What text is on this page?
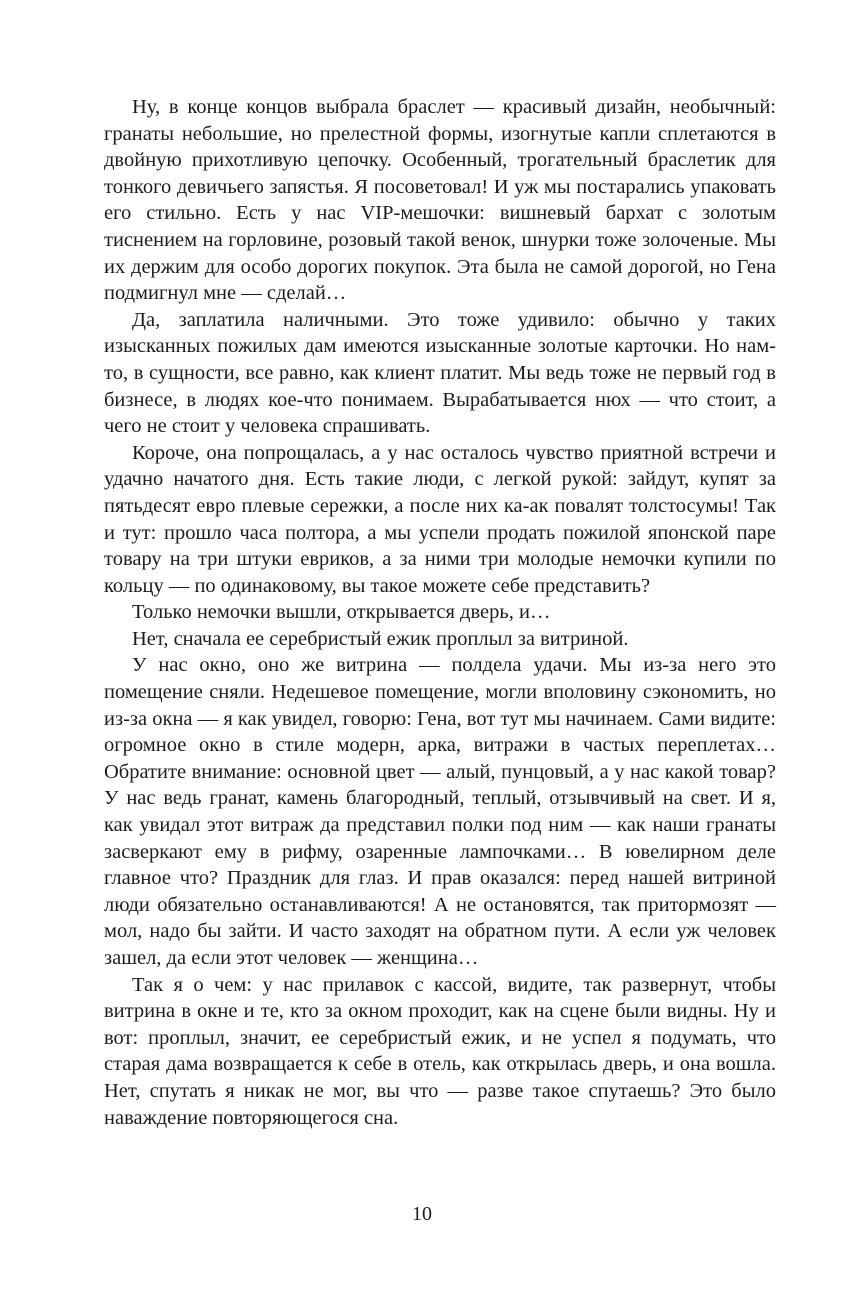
Ну, в конце концов выбрала браслет — красивый дизайн, необычный: гранаты небольшие, но прелестной формы, изогнутые капли сплетаются в двойную прихотливую цепочку. Особенный, трогательный браслетик для тонкого девичьего запястья. Я посоветовал! И уж мы постарались упаковать его стильно. Есть у нас VIP-мешочки: вишневый бархат с золотым тиснением на горловине, розовый такой венок, шнурки тоже золоченые. Мы их держим для особо дорогих покупок. Эта была не самой дорогой, но Гена подмигнул мне — сделай…

Да, заплатила наличными. Это тоже удивило: обычно у таких изысканных пожилых дам имеются изысканные золотые карточки. Но нам-то, в сущности, все равно, как клиент платит. Мы ведь тоже не первый год в бизнесе, в людях кое-что понимаем. Вырабатывается нюх — что стоит, а чего не стоит у человека спрашивать.

Короче, она попрощалась, а у нас осталось чувство приятной встречи и удачно начатого дня. Есть такие люди, с легкой рукой: зайдут, купят за пятьдесят евро плевые сережки, а после них ка-ак повалят толстосумы! Так и тут: прошло часа полтора, а мы успели продать пожилой японской паре товару на три штуки евриков, а за ними три молодые немочки купили по кольцу — по одинаковому, вы такое можете себе представить?

Только немочки вышли, открывается дверь, и…

Нет, сначала ее серебристый ежик проплыл за витриной.

У нас окно, оно же витрина — полдела удачи. Мы из-за него это помещение сняли. Недешевое помещение, могли вполовину сэкономить, но из-за окна — я как увидел, говорю: Гена, вот тут мы начинаем. Сами видите: огромное окно в стиле модерн, арка, витражи в частых переплетах… Обратите внимание: основной цвет — алый, пунцовый, а у нас какой товар? У нас ведь гранат, камень благородный, теплый, отзывчивый на свет. И я, как увидал этот витраж да представил полки под ним — как наши гранаты засверкают ему в рифму, озаренные лампочками… В ювелирном деле главное что? Праздник для глаз. И прав оказался: перед нашей витриной люди обязательно останавливаются! А не остановятся, так притормозят — мол, надо бы зайти. И часто заходят на обратном пути. А если уж человек зашел, да если этот человек — женщина…

Так я о чем: у нас прилавок с кассой, видите, так развернут, чтобы витрина в окне и те, кто за окном проходит, как на сцене были видны. Ну и вот: проплыл, значит, ее серебристый ежик, и не успел я подумать, что старая дама возвращается к себе в отель, как открылась дверь, и она вошла. Нет, спутать я никак не мог, вы что — разве такое спутаешь? Это было наваждение повторяющегося сна.

10
